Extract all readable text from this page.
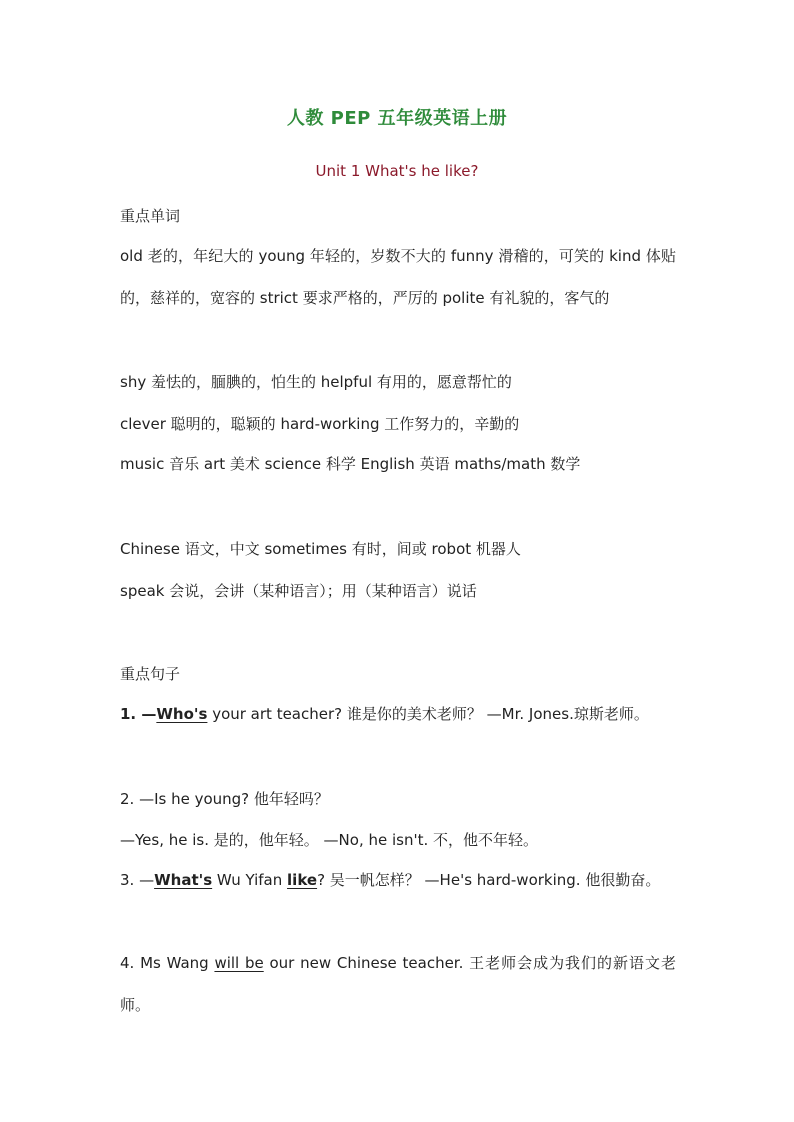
人教 PEP 五年级英语上册
Unit 1 What's he like?
重点单词
old 老的，年纪大的 young 年轻的，岁数不大的 funny 滑稽的，可笑的 kind 体贴的，慈祥的，宽容的 strict 要求严格的，严厉的 polite 有礼貌的，客气的
shy 羞怯的，腼腆的，怕生的 helpful 有用的，愿意帮忙的
clever 聪明的，聪颖的 hard-working 工作努力的，辛勤的
music 音乐 art 美术 science 科学 English 英语 maths/math 数学
Chinese 语文，中文 sometimes 有时，间或 robot 机器人
speak 会说，会讲（某种语言）；用（某种语言）说话
重点句子
1. —Who's your art teacher? 谁是你的美术老师？ —Mr. Jones.琼斯老师。
2. —Is he young? 他年轻吗？
—Yes, he is. 是的，他年轻。 —No, he isn't. 不，他不年轻。
3. —What's Wu Yifan like? 吴一帆怎样？ —He's hard-working. 他很勤奋。
4. Ms Wang will be our new Chinese teacher. 王老师会成为我们的新语文老师。
